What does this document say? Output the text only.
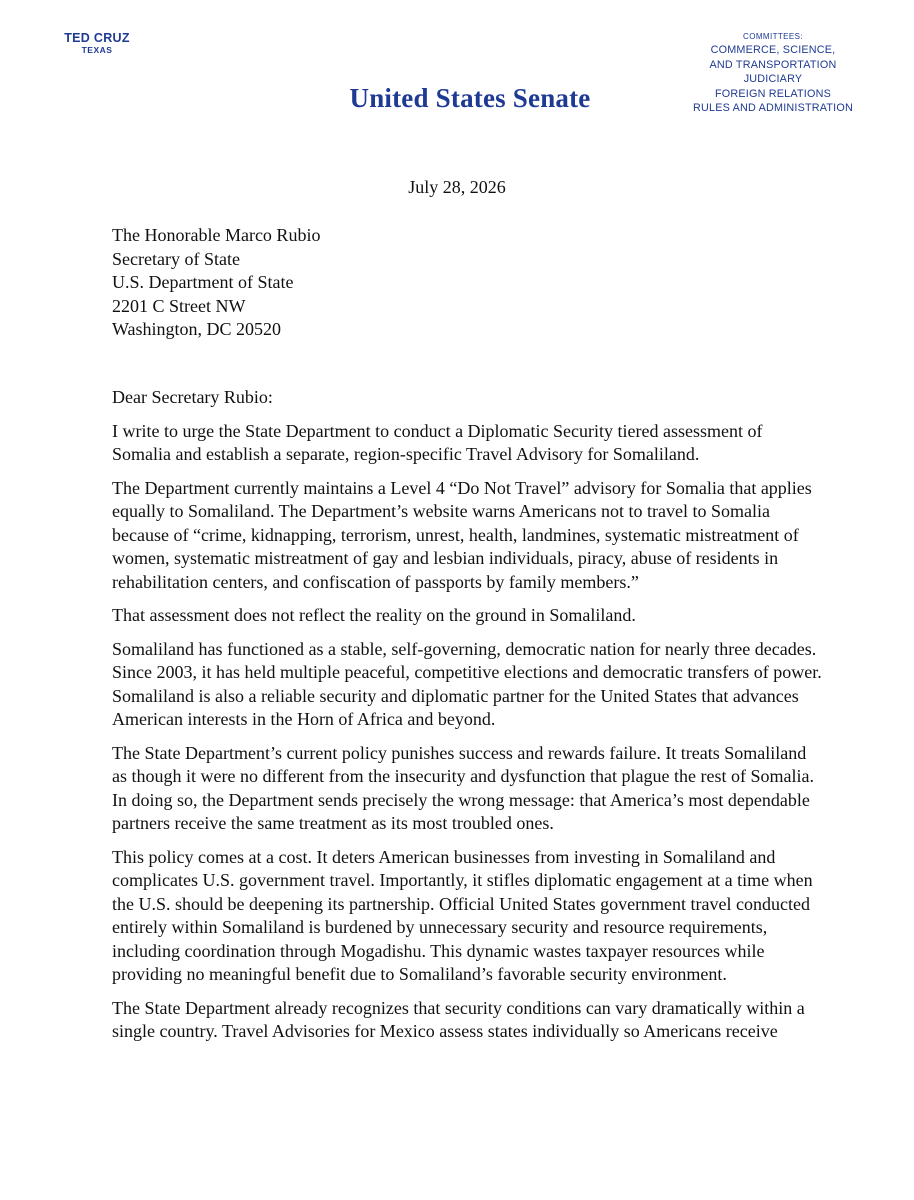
TED CRUZ
TEXAS
United States Senate
COMMITTEES:
COMMERCE, SCIENCE,
AND TRANSPORTATION
JUDICIARY
FOREIGN RELATIONS
RULES AND ADMINISTRATION
July 28, 2026
The Honorable Marco Rubio
Secretary of State
U.S. Department of State
2201 C Street NW
Washington, DC 20520
Dear Secretary Rubio:

I write to urge the State Department to conduct a Diplomatic Security tiered assessment of Somalia and establish a separate, region-specific Travel Advisory for Somaliland.

The Department currently maintains a Level 4 “Do Not Travel” advisory for Somalia that applies equally to Somaliland. The Department’s website warns Americans not to travel to Somalia because of “crime, kidnapping, terrorism, unrest, health, landmines, systematic mistreatment of women, systematic mistreatment of gay and lesbian individuals, piracy, abuse of residents in rehabilitation centers, and confiscation of passports by family members.”

That assessment does not reflect the reality on the ground in Somaliland.

Somaliland has functioned as a stable, self-governing, democratic nation for nearly three decades. Since 2003, it has held multiple peaceful, competitive elections and democratic transfers of power. Somaliland is also a reliable security and diplomatic partner for the United States that advances American interests in the Horn of Africa and beyond.

The State Department’s current policy punishes success and rewards failure. It treats Somaliland as though it were no different from the insecurity and dysfunction that plague the rest of Somalia. In doing so, the Department sends precisely the wrong message: that America’s most dependable partners receive the same treatment as its most troubled ones.

This policy comes at a cost. It deters American businesses from investing in Somaliland and complicates U.S. government travel. Importantly, it stifles diplomatic engagement at a time when the U.S. should be deepening its partnership. Official United States government travel conducted entirely within Somaliland is burdened by unnecessary security and resource requirements, including coordination through Mogadishu. This dynamic wastes taxpayer resources while providing no meaningful benefit due to Somaliland’s favorable security environment.

The State Department already recognizes that security conditions can vary dramatically within a single country. Travel Advisories for Mexico assess states individually so Americans receive
